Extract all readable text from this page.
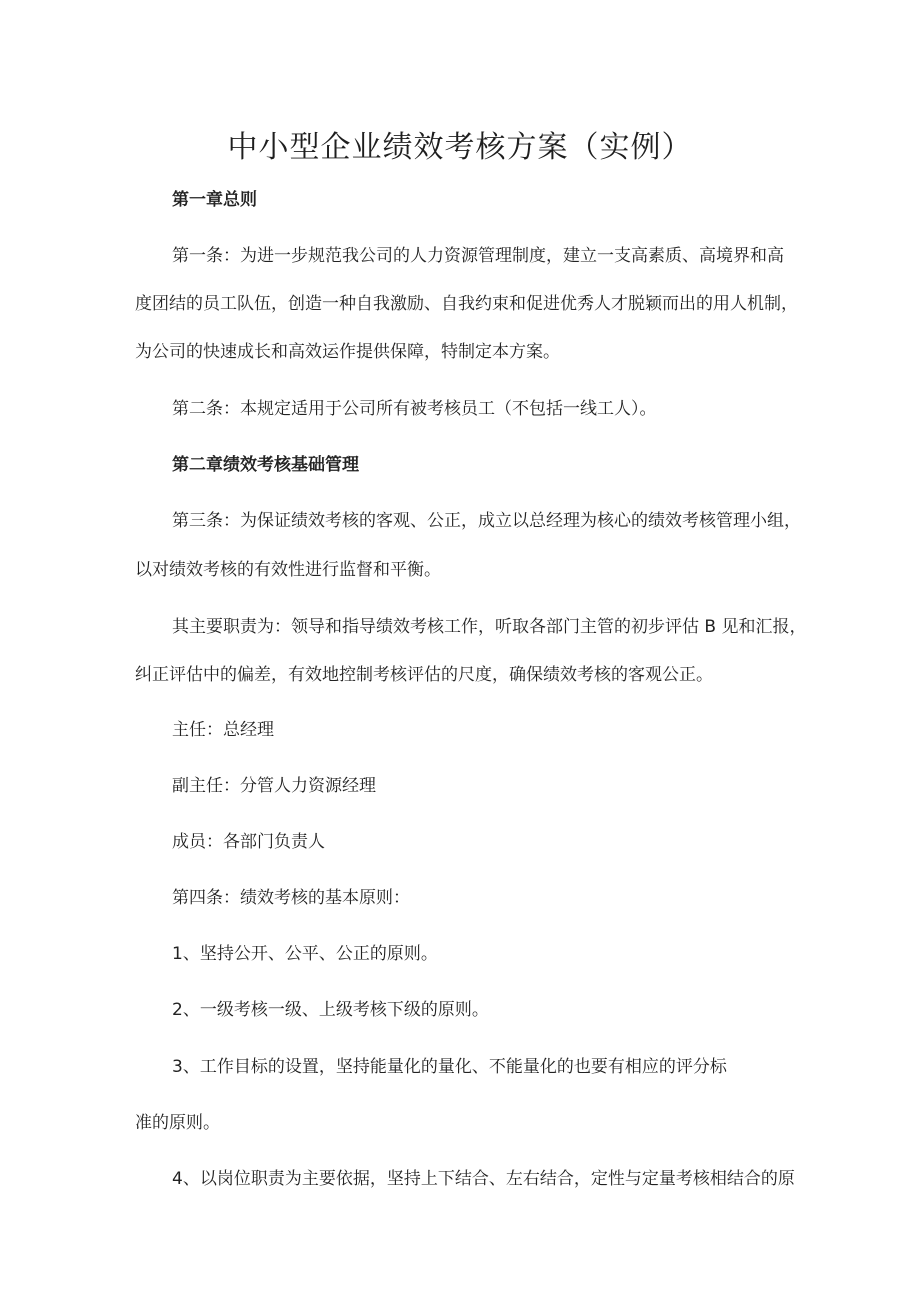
中小型企业绩效考核方案（实例）
第一章总则
第一条：为进一步规范我公司的人力资源管理制度，建立一支高素质、高境界和高
度团结的员工队伍，创造一种自我激励、自我约束和促进优秀人才脱颖而出的用人机制，
为公司的快速成长和高效运作提供保障，特制定本方案。
第二条：本规定适用于公司所有被考核员工（不包括一线工人）。
第二章绩效考核基础管理
第三条：为保证绩效考核的客观、公正，成立以总经理为核心的绩效考核管理小组，
以对绩效考核的有效性进行监督和平衡。
其主要职责为：领导和指导绩效考核工作，听取各部门主管的初步评估 B 见和汇报，
纠正评估中的偏差，有效地控制考核评估的尺度，确保绩效考核的客观公正。
主任：总经理
副主任：分管人力资源经理
成员：各部门负责人
第四条：绩效考核的基本原则：
1、坚持公开、公平、公正的原则。
2、一级考核一级、上级考核下级的原则。
3、工作目标的设置，坚持能量化的量化、不能量化的也要有相应的评分标
准的原则。
4、以岗位职责为主要依据，坚持上下结合、左右结合，定性与定量考核相结合的原
